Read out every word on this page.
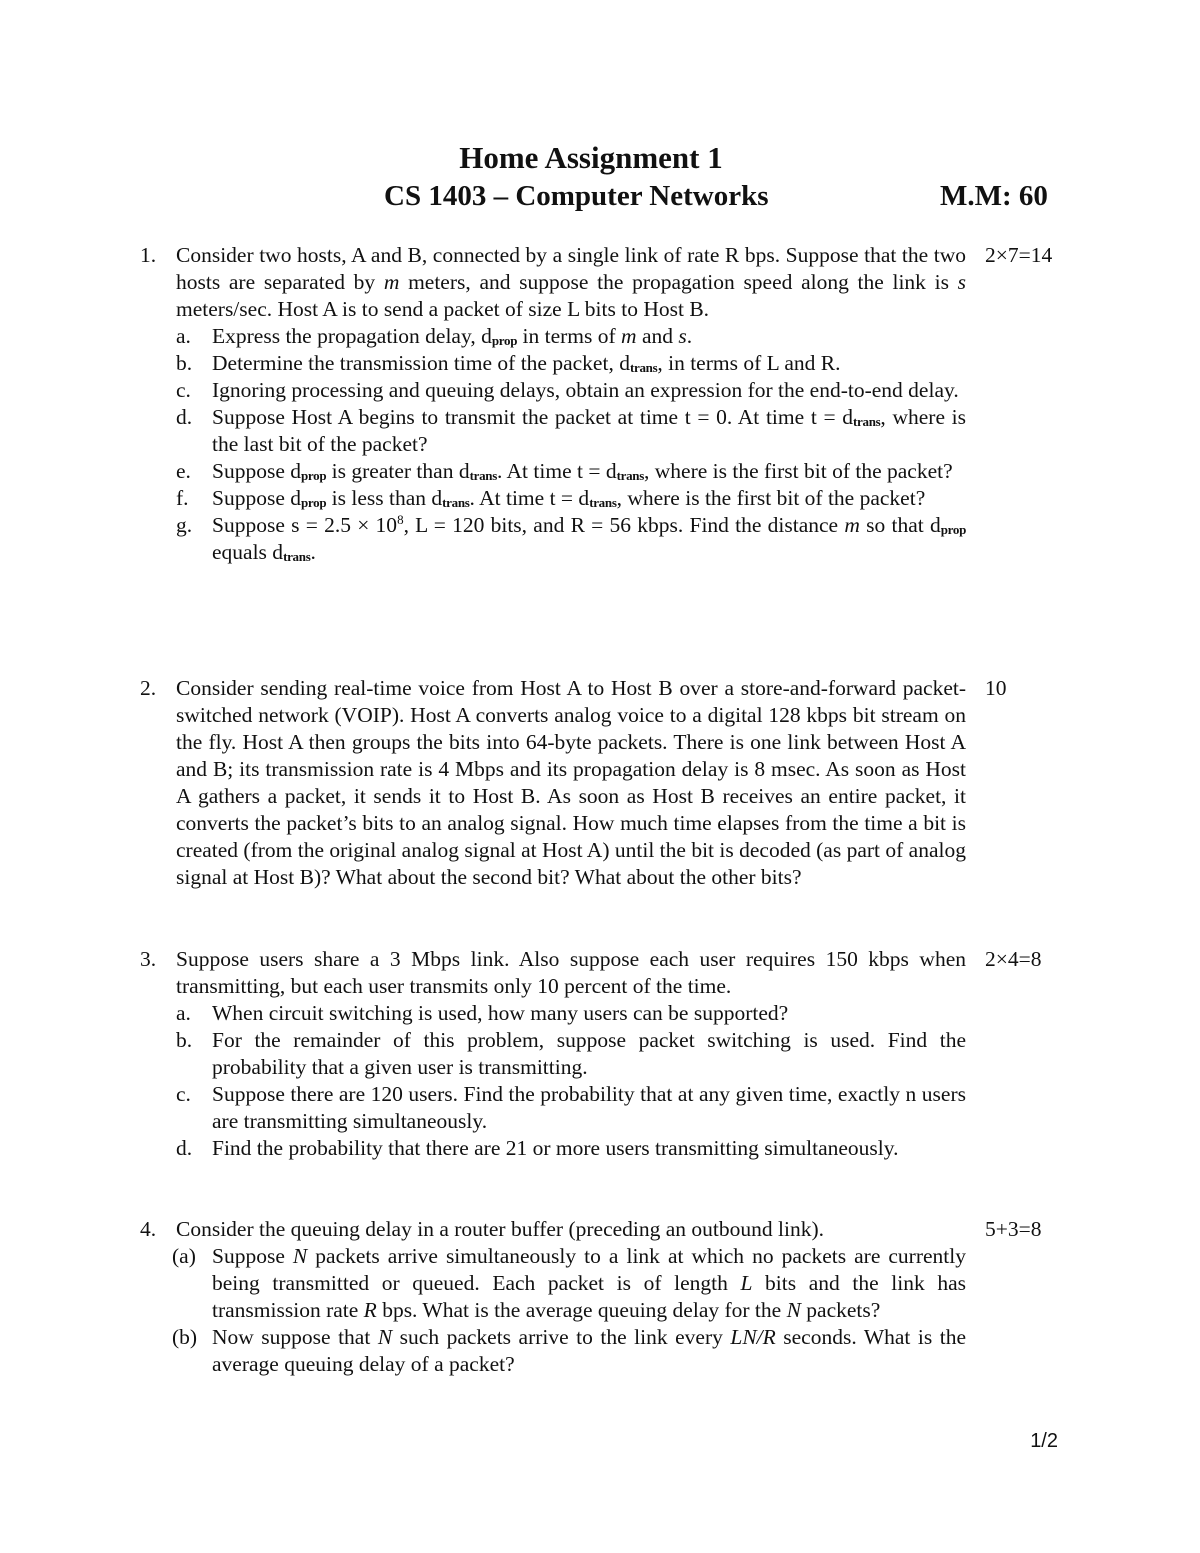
Home Assignment 1
CS 1403 – Computer Networks	M.M: 60
1. Consider two hosts, A and B, connected by a single link of rate R bps. Suppose that the two hosts are separated by m meters, and suppose the propagation speed along the link is s meters/sec. Host A is to send a packet of size L bits to Host B.
a. Express the propagation delay, $d_{prop}$ in terms of m and s.
b. Determine the transmission time of the packet, $d_{trans}$, in terms of L and R.
c. Ignoring processing and queuing delays, obtain an expression for the end-to-end delay.
d. Suppose Host A begins to transmit the packet at time t = 0. At time $t = d_{trans}$, where is the last bit of the packet?
e. Suppose $d_{prop}$ is greater than $d_{trans}$. At time $t = d_{trans}$, where is the first bit of the packet?
f.	Suppose $d_{prop}$ is less than $d_{trans}$. At time $t = d_{trans}$, where is the first bit of the packet?
g. Suppose $s = 2.5 \times 10^8$, L = 120 bits, and R = 56 kbps. Find the distance m so that $d_{prop}$ equals $d_{trans}$.
2×7=14
2. Consider sending real-time voice from Host A to Host B over a store-and-forward packet-switched network (VOIP). Host A converts analog voice to a digital 128 kbps bit stream on the fly. Host A then groups the bits into 64-byte packets. There is one link between Host A and B; its transmission rate is 4 Mbps and its propagation delay is 8 msec. As soon as Host A gathers a packet, it sends it to Host B. As soon as Host B receives an entire packet, it converts the packet’s bits to an analog signal. How much time elapses from the time a bit is created (from the original analog signal at Host A) until the bit is decoded (as part of analog signal at Host B)? What about the second bit? What about the other bits?
10
3. Suppose users share a 3 Mbps link. Also suppose each user requires 150 kbps when transmitting, but each user transmits only 10 percent of the time.
a. When circuit switching is used, how many users can be supported?
b. For the remainder of this problem, suppose packet switching is used. Find the probability that a given user is transmitting.
c. Suppose there are 120 users. Find the probability that at any given time, exactly n users are transmitting simultaneously.
d. Find the probability that there are 21 or more users transmitting simultaneously.
2×4=8
4. Consider the queuing delay in a router buffer (preceding an outbound link).
(a) Suppose N packets arrive simultaneously to a link at which no packets are currently being transmitted or queued. Each packet is of length L bits and the link has transmission rate R bps. What is the average queuing delay for the N packets?
(b) Now suppose that N such packets arrive to the link every LN/R seconds. What is the average queuing delay of a packet?
5+3=8
1/2
